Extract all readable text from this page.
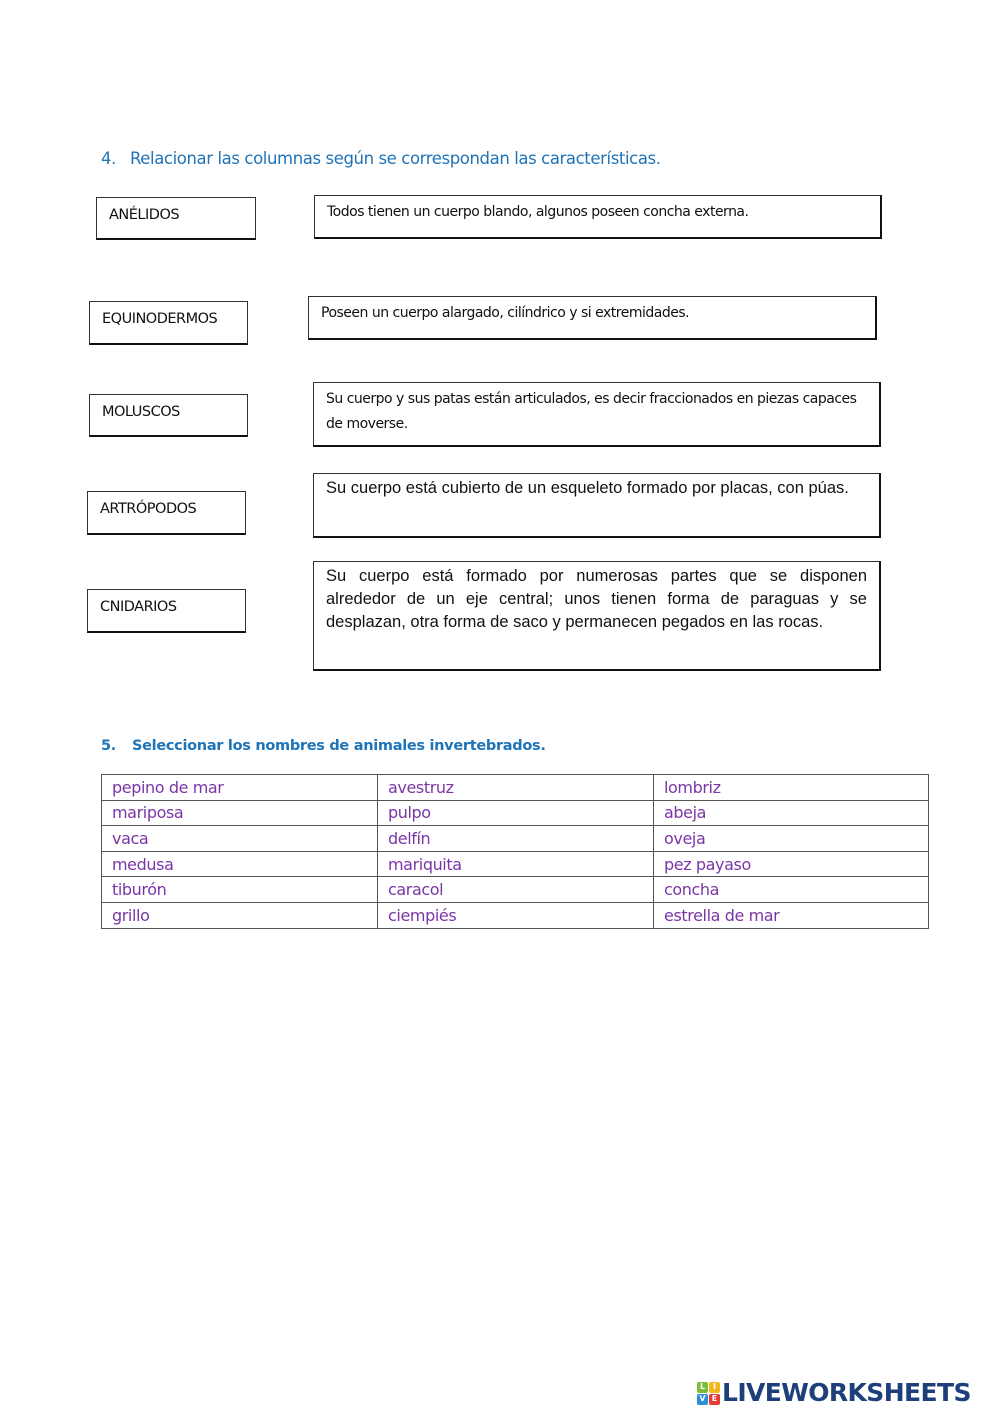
4. Relacionar las columnas según se correspondan las características.
ANÉLIDOS
EQUINODERMOS
MOLUSCOS
ARTRÓPODOS
CNIDARIOS
Todos tienen un cuerpo blando, algunos poseen concha externa.
Poseen un cuerpo alargado, cilíndrico y si extremidades.
Su cuerpo y sus patas están articulados, es decir fraccionados en piezas capaces de moverse.
Su cuerpo está cubierto de un esqueleto formado por placas, con púas.
Su cuerpo está formado por numerosas partes que se disponen alrededor de un eje central; unos tienen forma de paraguas y se desplazan, otra forma de saco y permanecen pegados en las rocas.
5. Seleccionar los nombres de animales invertebrados.
pepino de mar	avestruz	lombriz
mariposa	pulpo	abeja
vaca	delfín	oveja
medusa	mariquita	pez payaso
tiburón	caracol	concha
grillo	ciempiés	estrella de mar
L I
V E LIVEWORKSHEETS
